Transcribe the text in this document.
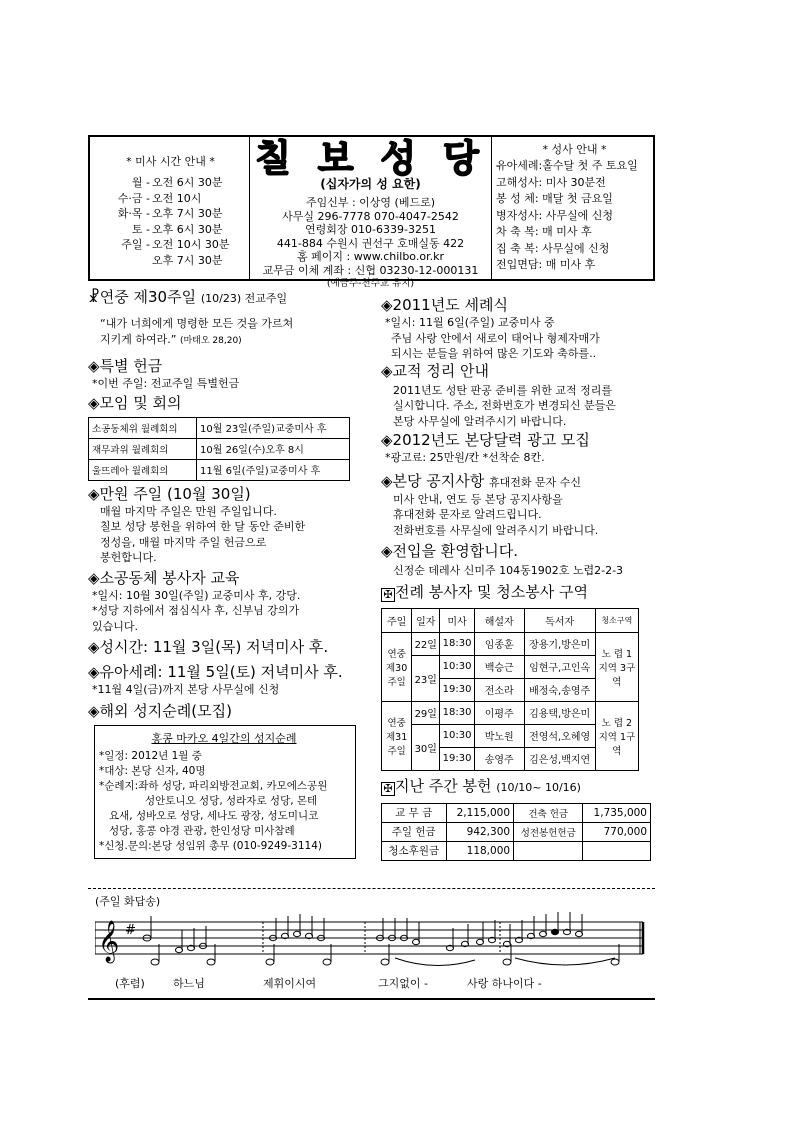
* 미사 시간 안내 *
월 - 오전 6시 30분
수·금 - 오전 10시
화·목 - 오후 7시 30분
토 - 오후 6시 30분
주일 - 오전 10시 30분
오후 7시 30분
칠 보 성 당
(십자가의 성 요한)
주임신부 : 이상영 (베드로)
사무실 296-7778 070-4047-2542
연령회장 010-6339-3251
441-884 수원시 권선구 호매실동 422
홈 페이지 : www.chilbo.or.kr
교무금 이체 계좌 : 신협 03230-12-000131
(예금주-천주교 유지)
* 성사 안내 *
유아세례:홀수달 첫 주 토요일
고해성사: 미사 30분전
봉 성 체: 매달 첫 금요일
병자성사: 사무실에 신청
차 축 복: 매 미사 후
집 축 복: 사무실에 신청
전입면담: 매 미사 후
☧연중 제30주일 (10/23) 전교주일
“내가 너희에게 명령한 모든 것을 가르쳐
지키게 하여라.” (마태오 28,20)
◈특별 헌금
*이번 주일: 전교주일 특별헌금
◈모임 및 회의
소공동체위 월례회의	10월 23일(주일)교중미사 후
재무과위 월례회의	10월 26일(수)오후 8시
울뜨레아 월례회의	11월 6일(주일)교중미사 후
◈만원 주일 (10월 30일)
매월 마지막 주일은 만원 주일입니다.
칠보 성당 봉헌을 위하여 한 달 동안 준비한
정성을, 매월 마지막 주일 헌금으로
봉헌합니다.
◈소공동체 봉사자 교육
*일시: 10월 30일(주일) 교중미사 후, 강당.
*성당 지하에서 점심식사 후, 신부님 강의가
있습니다.
◈성시간: 11월 3일(목) 저녁미사 후.
◈유아세례: 11월 5일(토) 저녁미사 후.
*11월 4일(금)까지 본당 사무실에 신청
◈해외 성지순례(모집)
홍콩 마카오 4일간의 성지순례
*일정: 2012년 1월 중
*대상: 본당 신자, 40명
*순례지:좌하 성당, 파리외방전교회, 카모에스공원
성안토니오 성당, 성라자로 성당, 몬테
요새, 성바오로 성당, 세나도 광장, 성도미니코
성당, 홍콩 야경 관광, 한인성당 미사참례
*신청.문의:본당 성임위 총무 (010-9249-3114)
◈2011년도 세례식
*일시: 11월 6일(주일) 교중미사 중
주님 사랑 안에서 새로이 태어나 형제자매가
되시는 분들을 위하여 많은 기도와 축하를..
◈교적 정리 안내
2011년도 성탄 판공 준비를 위한 교적 정리를
실시합니다. 주소, 전화번호가 변경되신 분들은
본당 사무실에 알려주시기 바랍니다.
◈2012년도 본당달력 광고 모집
*광고료: 25만원/칸 *선착순 8칸.
◈본당 공지사항 휴대전화 문자 수신
미사 안내, 연도 등 본당 공지사항을
휴대전화 문자로 알려드립니다.
전화번호를 사무실에 알려주시기 바랍니다.
◈전입을 환영합니다.
신정순 데레사 신미주 104동1902호 노렵2-2-3
✠ 전례 봉사자 및 청소봉사 구역
주일	일자	미사	해설자	독서자	청소구역
연중 제30 주일	22일	18:30	임종훈	장용기,방은미	노 렵 1지역 3구역
	23일	10:30	백승근	임현구,고인옥	
		19:30	전소라	배정숙,송영주	
연중 제31 주일	29일	18:30	이평주	김용택,방은미	노 렵 2지역 1구역
	30일	10:30	박노원	전영석,오혜영	
		19:30	송영주	김은성,백지연	
✠ 지난 주간 봉헌 (10/10~ 10/16)
교 무 금	2,115,000	건축 헌금	1,735,000
주일 헌금	942,300	성전봉헌헌금	770,000
청소후원금	118,000		
(주일 화답송)
𝄞 #
(후렴)	하느님	제휘이시여	그지없이 -	사랑 하나이다 -
